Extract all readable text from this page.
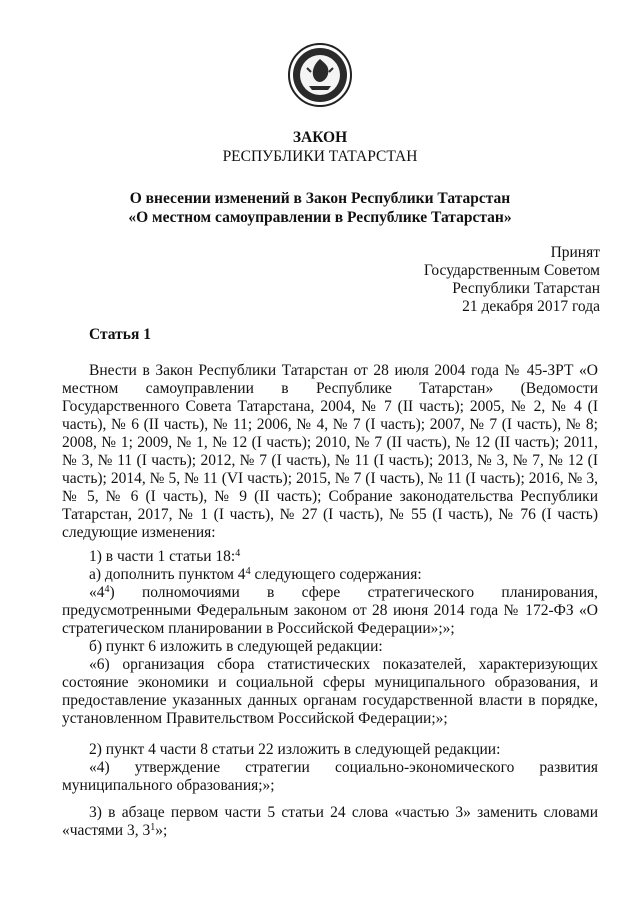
ЗАКОН
РЕСПУБЛИКИ ТАТАРСТАН
О внесении изменений в Закон Республики Татарстан
«О местном самоуправлении в Республике Татарстан»
Принят
Государственным Советом
Республики Татарстан
21 декабря 2017 года
Статья 1

Внести в Закон Республики Татарстан от 28 июля 2004 года № 45-ЗРТ «О местном самоуправлении в Республике Татарстан» (Ведомости Государственного Совета Татарстана, 2004, № 7 (II часть); 2005, № 2, № 4 (I часть), № 6 (II часть), № 11; 2006, № 4, № 7 (I часть); 2007, № 7 (I часть), № 8; 2008, № 1; 2009, № 1, № 12 (I часть); 2010, № 7 (II часть), № 12 (II часть); 2011, № 3, № 11 (I часть); 2012, № 7 (I часть), № 11 (I часть); 2013, № 3, № 7, № 12 (I часть); 2014, № 5, № 11 (VI часть); 2015, № 7 (I часть), № 11 (I часть); 2016, № 3, № 5, № 6 (I часть), № 9 (II часть); Собрание законодательства Республики Татарстан, 2017, № 1 (I часть), № 27 (I часть), № 55 (I часть), № 76 (I часть) следующие изменения:

1) в части 1 статьи 18:$^4$

а) дополнить пунктом $4^4$ следующего содержания:

«$4^4$) полномочиями в сфере стратегического планирования, предусмотренными Федеральным законом от 28 июня 2014 года № 172-ФЗ «О стратегическом планировании в Российской Федерации»;»;

б) пункт 6 изложить в следующей редакции:

«6) организация сбора статистических показателей, характеризующих состояние экономики и социальной сферы муниципального образования, и предоставление указанных данных органам государственной власти в порядке, установленном Правительством Российской Федерации;»;

2) пункт 4 части 8 статьи 22 изложить в следующей редакции:

«4) утверждение стратегии социально-экономического развития муниципального образования;»;

3) в абзаце первом части 5 статьи 24 слова «частью 3» заменить словами «частями 3, $3^1$»;
